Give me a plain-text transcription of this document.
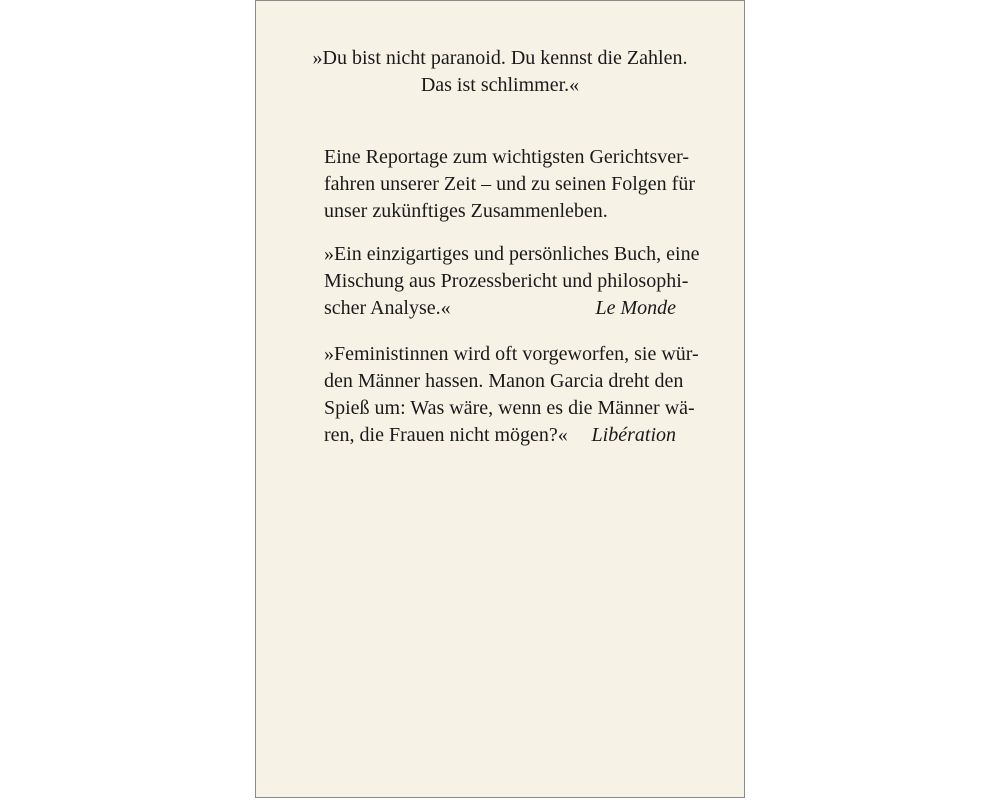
»Du bist nicht paranoid. Du kennst die Zahlen.
Das ist schlimmer.«
Eine Reportage zum wichtigsten Gerichtsver-
fahren unserer Zeit – und zu seinen Folgen für
unser zukünftiges Zusammenleben.
»Ein einzigartiges und persönliches Buch, eine
Mischung aus Prozessbericht und philosophi-
scher Analyse.«	Le Monde
»Feministinnen wird oft vorgeworfen, sie wür-
den Männer hassen. Manon Garcia dreht den
Spieß um: Was wäre, wenn es die Männer wä-
ren, die Frauen nicht mögen?« Libération
